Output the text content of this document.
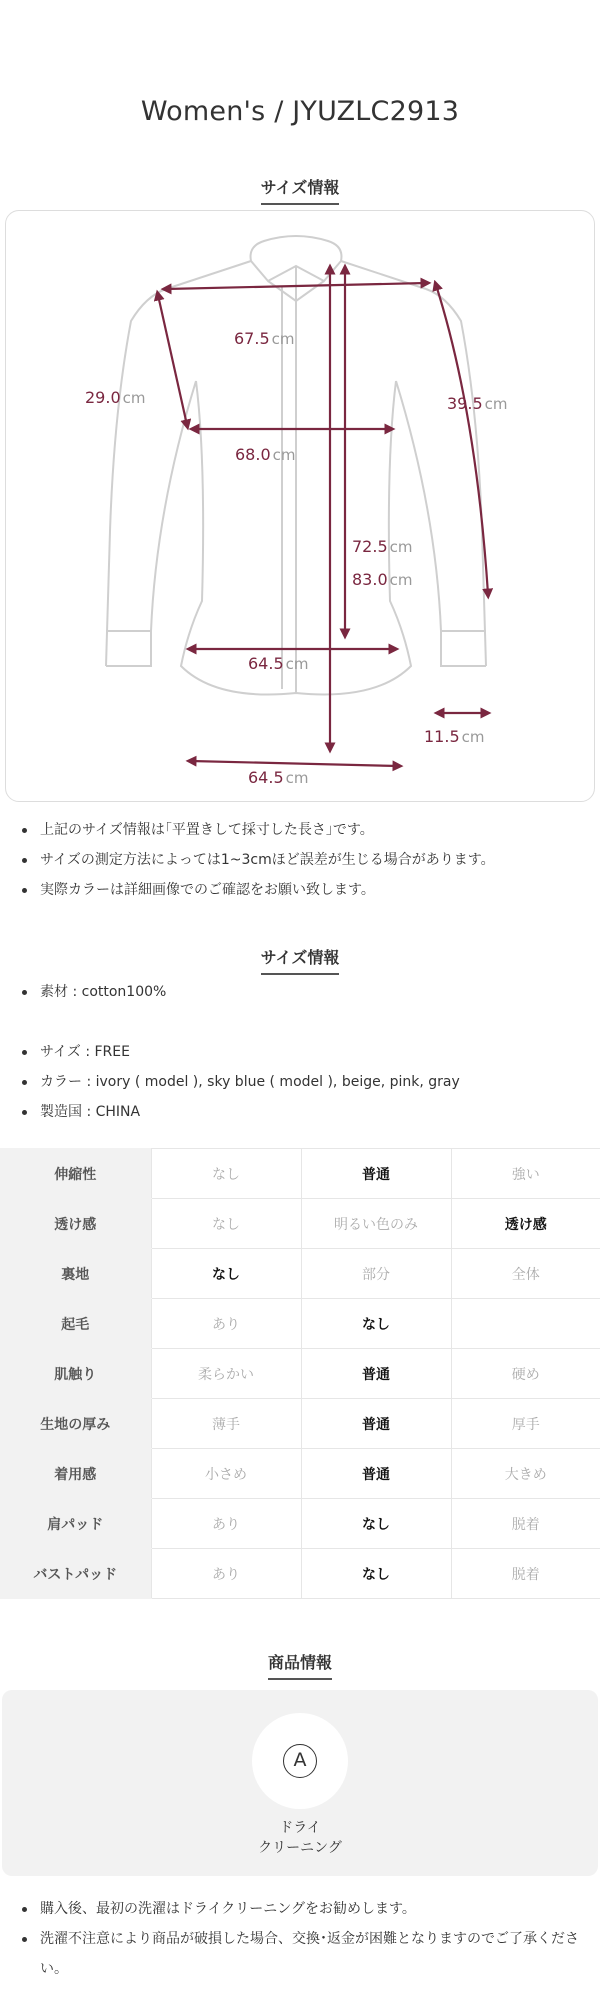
Women's / JYUZLC2913
サイズ情報
67.5 cm
29.0 cm
68.0 cm
39.5 cm
72.5 cm
83.0 cm
64.5 cm
64.5 cm
11.5 cm
上記のサイズ情報は｢平置きして採寸した長さ｣です。
サイズの測定方法によっては1~3cmほど誤差が生じる場合があります。
実際カラーは詳細画像でのご確認をお願い致します。
サイズ情報
素材 : cotton100%
サイズ : FREE
カラー : ivory ( model ), sky blue ( model ), beige, pink, gray
製造国 : CHINA
伸縮性	なし	普通	強い
透け感	なし	明るい色のみ	透け感
裏地	なし	部分	全体
起毛	あり	なし	
肌触り	柔らかい	普通	硬め
生地の厚み	薄手	普通	厚手
着用感	小さめ	普通	大きめ
肩パッド	あり	なし	脱着
バストパッド	あり	なし	脱着
商品情報
A
ドライ
クリーニング
購入後、最初の洗濯はドライクリーニングをお勧めします。
洗濯不注意により商品が破損した場合、交換･返金が困難となりますのでご了承ください。
